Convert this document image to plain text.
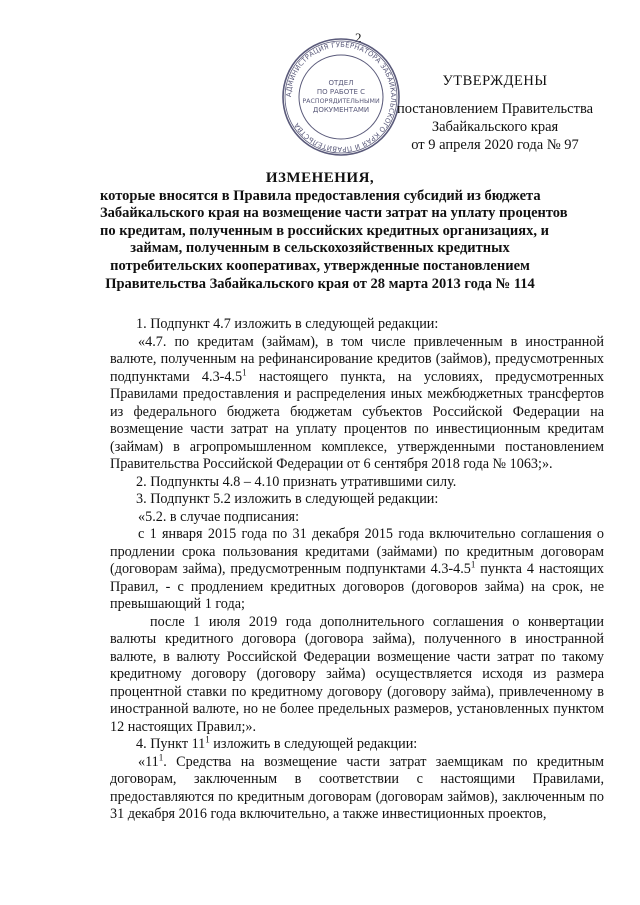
2
АДМИНИСТРАЦИЯ ГУБЕРНАТОРА ЗАБАЙКАЛЬСКОГО КРАЯ И ПРАВИТЕЛЬСТВА
ОТДЕЛ
ПО РАБОТЕ С
РАСПОРЯДИТЕЛЬНЫМИ
ДОКУМЕНТАМИ
УТВЕРЖДЕНЫ
постановлением Правительства
Забайкальского края
от 9 апреля 2020 года № 97
ИЗМЕНЕНИЯ,
которые вносятся в Правила предоставления субсидий из бюджета
Забайкальского края на возмещение части затрат на уплату процентов
по кредитам, полученным в российских кредитных организациях, и
займам, полученным в сельскохозяйственных кредитных
потребительских кооперативах, утвержденные постановлением
Правительства Забайкальского края от 28 марта 2013 года № 114

1. Подпункт 4.7 изложить в следующей редакции:

«4.7. по кредитам (займам), в том числе привлеченным в иностранной валюте, полученным на рефинансирование кредитов (займов), предусмотренных подпунктами $4.3-4.5^1$ настоящего пункта, на условиях, предусмотренных Правилами предоставления и распределения иных межбюджетных трансфертов из федерального бюджета бюджетам субъектов Российской Федерации на возмещение части затрат на уплату процентов по инвестиционным кредитам (займам) в агропромышленном комплексе, утвержденными постановлением Правительства Российской Федерации от 6 сентября 2018 года № 1063;».

2. Подпункты 4.8 – 4.10 признать утратившими силу.

3. Подпункт 5.2 изложить в следующей редакции:

«5.2. в случае подписания:

с 1 января 2015 года по 31 декабря 2015 года включительно соглашения о продлении срока пользования кредитами (займами) по кредитным договорам (договорам займа), предусмотренным подпунктами $4.3-4.5^1$ пункта 4 настоящих Правил, - с продлением кредитных договоров (договоров займа) на срок, не превышающий 1 года;

после 1 июля 2019 года дополнительного соглашения о конвертации валюты кредитного договора (договора займа), полученного в иностранной валюте, в валюту Российской Федерации возмещение части затрат по такому кредитному договору (договору займа) осуществляется исходя из размера процентной ставки по кредитному договору (договору займа), привлеченному в иностранной валюте, но не более предельных размеров, установленных пунктом 12 настоящих Правил;».

4. Пункт $11^1$ изложить в следующей редакции:

«$11^1$. Средства на возмещение части затрат заемщикам по кредитным договорам, заключенным в соответствии с настоящими Правилами, предоставляются по кредитным договорам (договорам займов), заключенным по 31 декабря 2016 года включительно, а также инвестиционных проектов,
